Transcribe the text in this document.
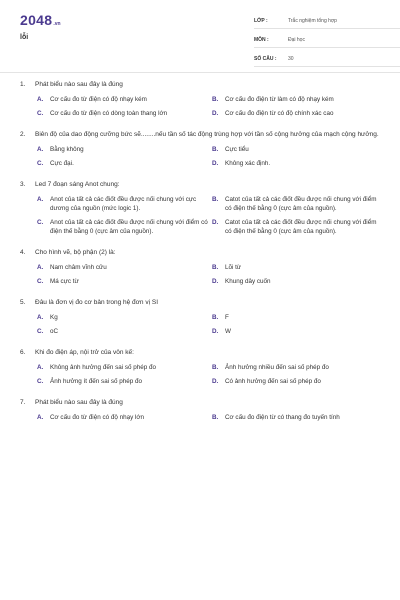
2048 .vn
lỗi
LỚP :	Trắc nghiệm tổng hợp
MÔN :	Đại học
SỐ CÂU :	30
1.	Phát biểu nào sau đây là đúng
A.	Cơ cấu đo từ điện có độ nhạy kém	B.	Cơ cấu đo điện từ làm có độ nhạy kém
C.	Cơ cấu đo từ điện có dòng toàn thang lớn	D.	Cơ cấu đo điện từ có độ chính xác cao
2.	Biên độ của dao động cưỡng bức sẽ........nếu tần số tác động trùng hợp với tần số cộng hưởng của mạch cộng hưởng.
A.	Bằng không	B.	Cực tiểu
C.	Cực đại.	D.	Không xác định.
3.	Led 7 đoạn sáng Anot chung:
A.	Anot của tất cả các điốt đều được nối chung với cực dương của nguồn (mức logic 1).
B.	Catot của tất cả các điốt đều được nối chung với điểm có điện thế bằng 0 (cực âm của nguồn).
C.	Anot của tất cả các điốt đều được nối chung với điểm có điện thế bằng 0 (cực âm của nguồn).
D.	Catot của tất cả các điốt đều được nối chung với điểm có điện thế bằng 0 (cực âm của nguồn).
4.	Cho hình vẽ, bộ phận (2) là:
A.	Nam châm vĩnh cửu	B.	Lõi từ
C.	Má cực từ	D.	Khung dây cuốn
5.	Đâu là đơn vị đo cơ bản trong hệ đơn vị SI
A.	Kg	B.	F
C.	oC	D.	W
6.	Khi đo điện áp, nội trở của vôn kế:
A.	Không ảnh hưởng đến sai số phép đo	B.	Ảnh hưởng nhiều đến sai số phép đo
C.	Ảnh hưởng ít đến sai số phép đo	D.	Có ảnh hưởng đến sai số phép đo
7.	Phát biểu nào sau đây là đúng
A.	Cơ cấu đo từ điện có độ nhạy lớn	B.	Cơ cấu đo điện từ có thang đo tuyến tính
